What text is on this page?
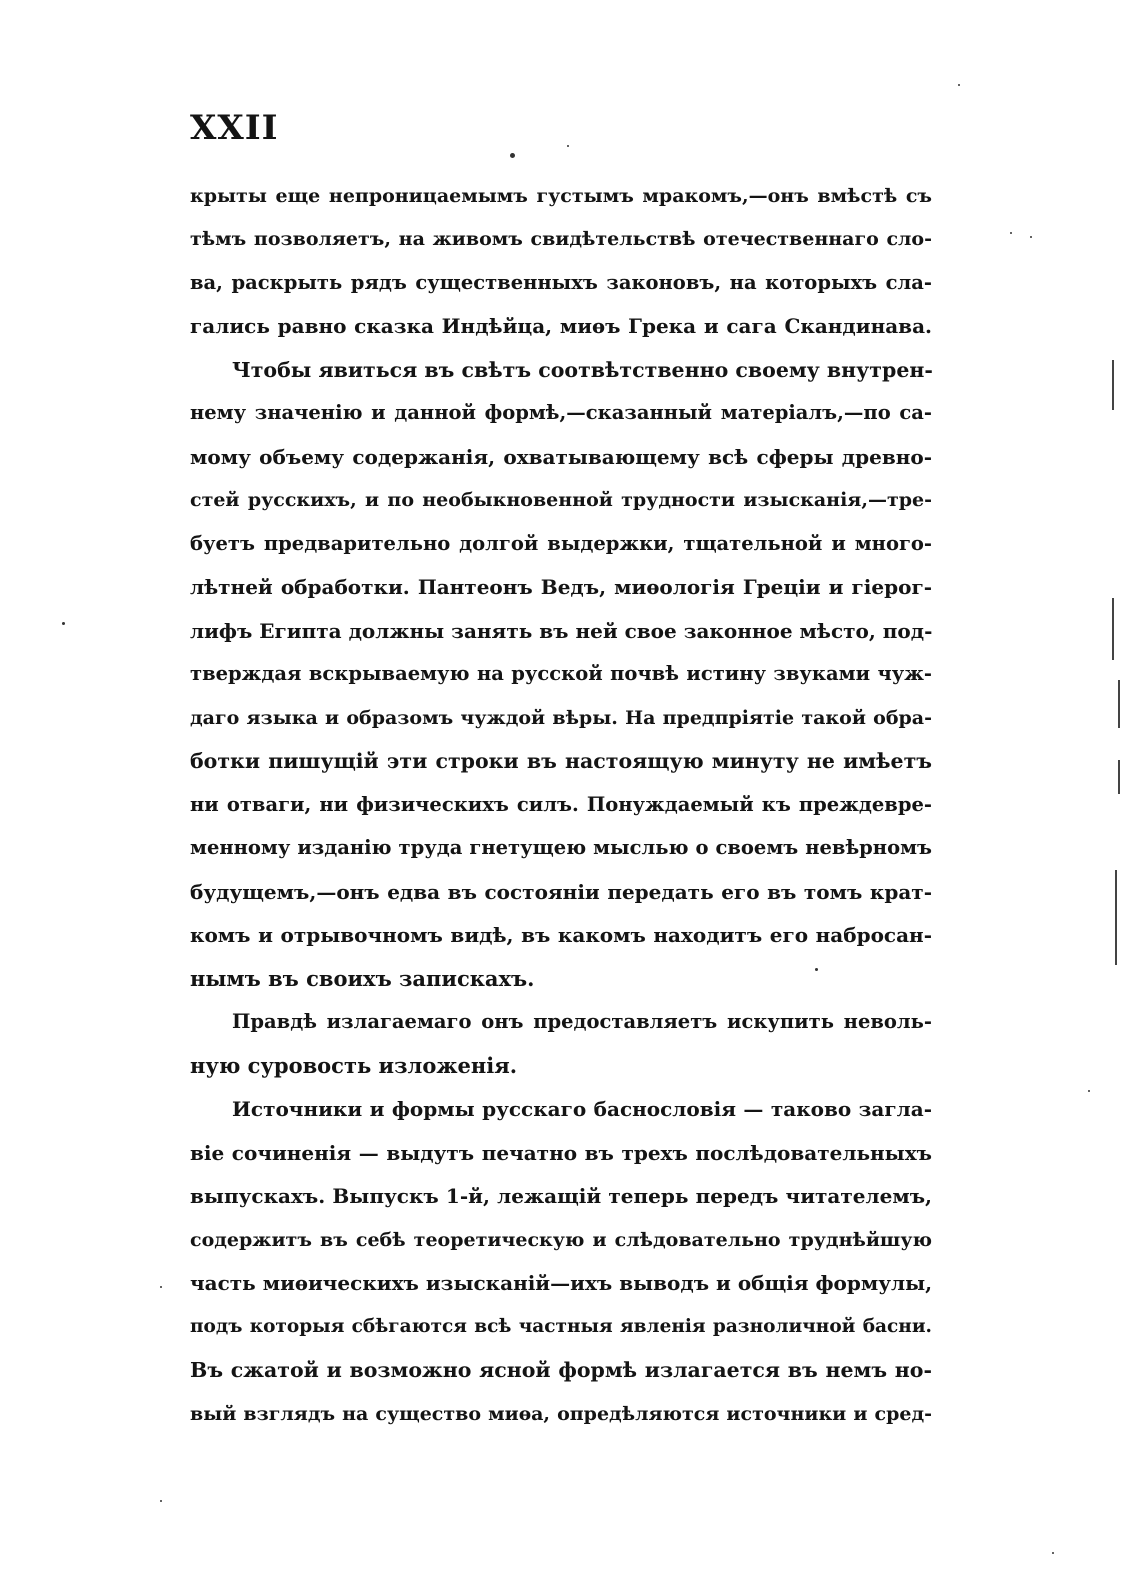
XXII
крыты еще непроницаемымъ густымъ мракомъ,—онъ вмѣстѣ съ
тѣмъ позволяетъ, на живомъ свидѣтельствѣ отечественнаго сло-
ва, раскрыть рядъ существенныхъ законовъ, на которыхъ сла-
гались равно сказка Индѣйца, миѳъ Грека и сага Скандинава.
Чтобы явиться въ свѣтъ соотвѣтственно своему внутрен-
нему значенію и данной формѣ,—сказанный матеріалъ,—по са-
мому объему содержанія, охватывающему всѣ сферы древно-
стей русскихъ, и по необыкновенной трудности изысканія,—тре-
буетъ предварительно долгой выдержки, тщательной и много-
лѣтней обработки. Пантеонъ Ведъ, миѳологія Греціи и гіерог-
лифъ Египта должны занять въ ней свое законное мѣсто, под-
тверждая вскрываемую на русской почвѣ истину звуками чуж-
даго языка и образомъ чуждой вѣры. На предпріятіе такой обра-
ботки пишущій эти строки въ настоящую минуту не имѣетъ
ни отваги, ни физическихъ силъ. Понуждаемый къ преждевре-
менному изданію труда гнетущею мыслью о своемъ невѣрномъ
будущемъ,—онъ едва въ состояніи передать его въ томъ крат-
комъ и отрывочномъ видѣ, въ какомъ находитъ его набросан-
нымъ въ своихъ запискахъ.
Правдѣ излагаемаго онъ предоставляетъ искупить неволь-
ную суровость изложенія.
Источники и формы русскаго баснословія — таково загла-
віе сочиненія — выдутъ печатно въ трехъ послѣдовательныхъ
выпускахъ. Выпускъ 1-й, лежащій теперь передъ читателемъ,
содержитъ въ себѣ теоретическую и слѣдовательно труднѣйшую
часть миѳическихъ изысканій—ихъ выводъ и общія формулы,
подъ которыя сбѣгаются всѣ частныя явленія разноличной басни.
Въ сжатой и возможно ясной формѣ излагается въ немъ но-
вый взглядъ на существо миѳа, опредѣляются источники и сред-
